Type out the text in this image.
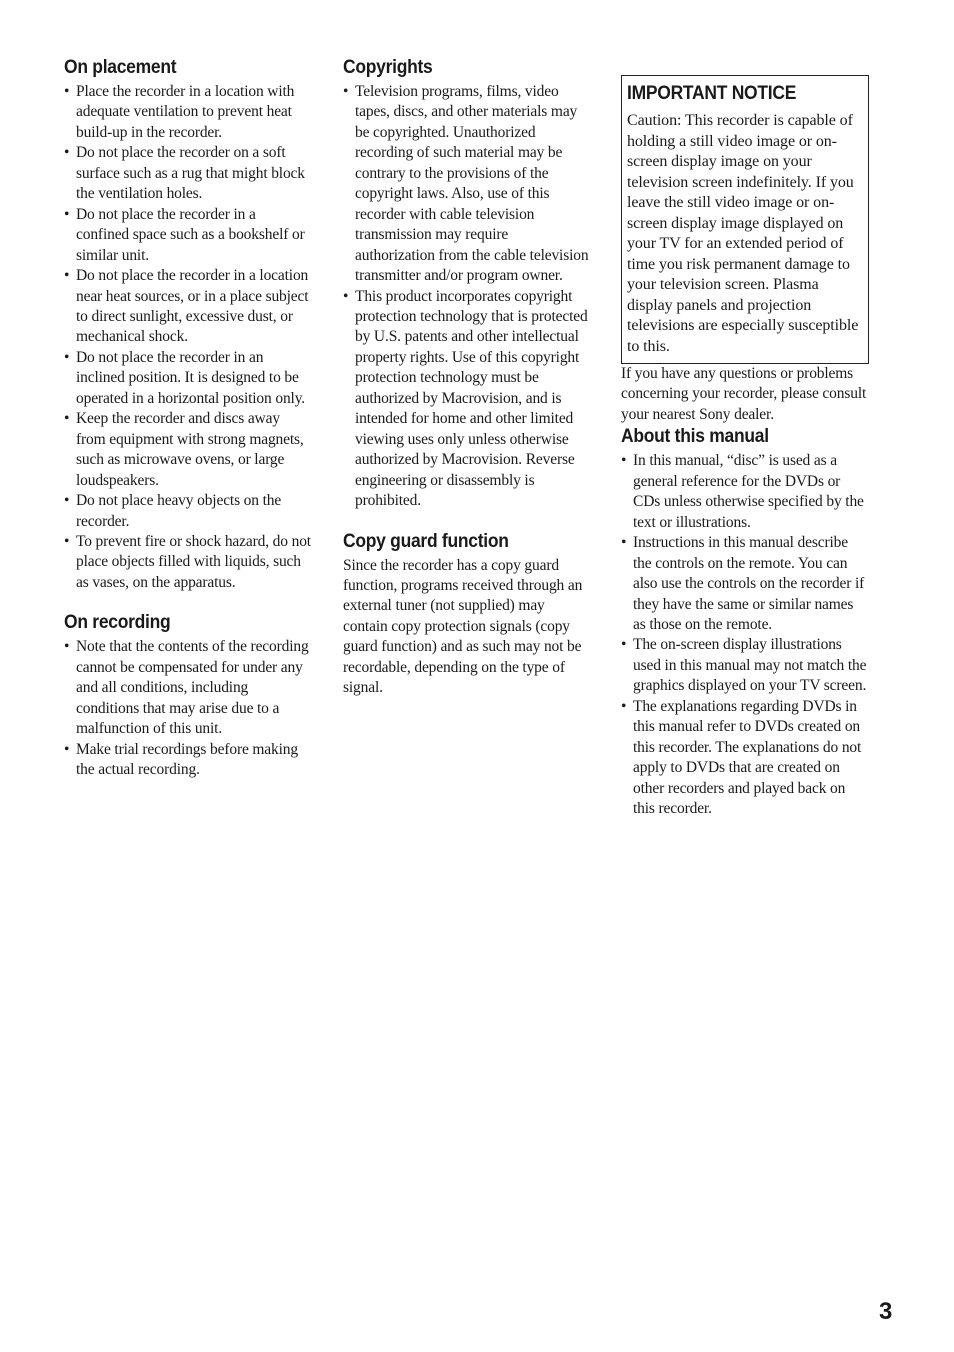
On placement
• Place the recorder in a location with adequate ventilation to prevent heat build-up in the recorder.
• Do not place the recorder on a soft surface such as a rug that might block the ventilation holes.
• Do not place the recorder in a confined space such as a bookshelf or similar unit.
• Do not place the recorder in a location near heat sources, or in a place subject to direct sunlight, excessive dust, or mechanical shock.
• Do not place the recorder in an inclined position. It is designed to be operated in a horizontal position only.
• Keep the recorder and discs away from equipment with strong magnets, such as microwave ovens, or large loudspeakers.
• Do not place heavy objects on the recorder.
• To prevent fire or shock hazard, do not place objects filled with liquids, such as vases, on the apparatus.
On recording
• Note that the contents of the recording cannot be compensated for under any and all conditions, including conditions that may arise due to a malfunction of this unit.
• Make trial recordings before making the actual recording.
Copyrights
• Television programs, films, video tapes, discs, and other materials may be copyrighted. Unauthorized recording of such material may be contrary to the provisions of the copyright laws. Also, use of this recorder with cable television transmission may require authorization from the cable television transmitter and/or program owner.
• This product incorporates copyright protection technology that is protected by U.S. patents and other intellectual property rights. Use of this copyright protection technology must be authorized by Macrovision, and is intended for home and other limited viewing uses only unless otherwise authorized by Macrovision. Reverse engineering or disassembly is prohibited.
Copy guard function

Since the recorder has a copy guard function, programs received through an external tuner (not supplied) may contain copy protection signals (copy guard function) and as such may not be recordable, depending on the type of signal.

IMPORTANT NOTICE

Caution: This recorder is capable of holding a still video image or on-screen display image on your television screen indefinitely. If you leave the still video image or on-screen display image displayed on your TV for an extended period of time you risk permanent damage to your television screen. Plasma display panels and projection televisions are especially susceptible to this.

If you have any questions or problems concerning your recorder, please consult your nearest Sony dealer.

About this manual
• In this manual, “disc” is used as a general reference for the DVDs or CDs unless otherwise specified by the text or illustrations.
• Instructions in this manual describe the controls on the remote. You can also use the controls on the recorder if they have the same or similar names as those on the remote.
• The on-screen display illustrations used in this manual may not match the graphics displayed on your TV screen.
• The explanations regarding DVDs in this manual refer to DVDs created on this recorder. The explanations do not apply to DVDs that are created on other recorders and played back on this recorder.
3
